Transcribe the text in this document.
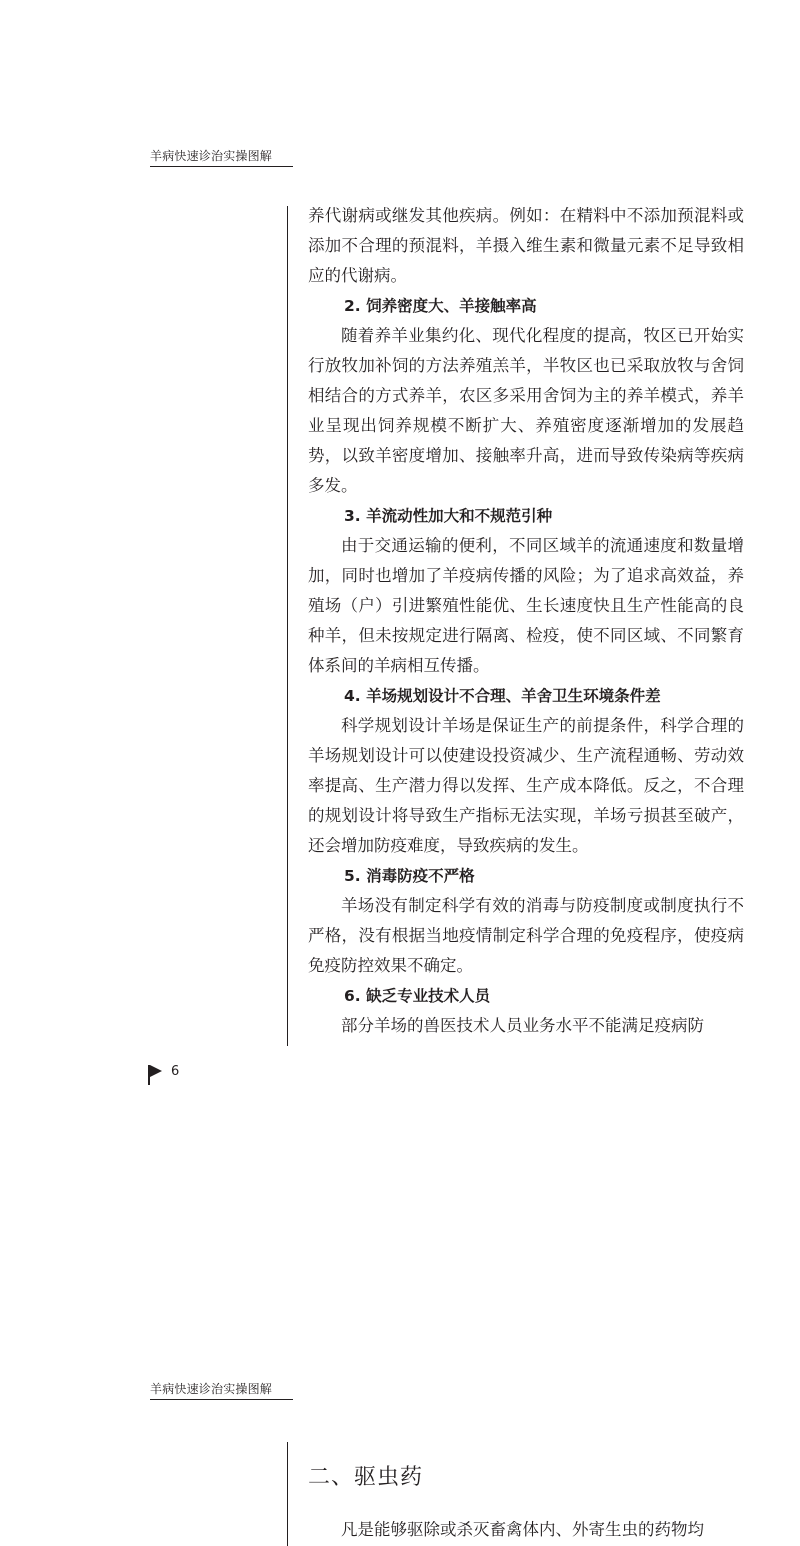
羊病快速诊治实操图解

养代谢病或继发其他疾病。例如：在精料中不添加预混料或添加不合理的预混料，羊摄入维生素和微量元素不足导致相应的代谢病。

2. 饲养密度大、羊接触率高

随着养羊业集约化、现代化程度的提高，牧区已开始实行放牧加补饲的方法养殖羔羊，半牧区也已采取放牧与舍饲相结合的方式养羊，农区多采用舍饲为主的养羊模式，养羊业呈现出饲养规模不断扩大、养殖密度逐渐增加的发展趋势，以致羊密度增加、接触率升高，进而导致传染病等疾病多发。

3. 羊流动性加大和不规范引种

由于交通运输的便利，不同区域羊的流通速度和数量增加，同时也增加了羊疫病传播的风险；为了追求高效益，养殖场（户）引进繁殖性能优、生长速度快且生产性能高的良种羊，但未按规定进行隔离、检疫，使不同区域、不同繁育体系间的羊病相互传播。

4. 羊场规划设计不合理、羊舍卫生环境条件差

科学规划设计羊场是保证生产的前提条件，科学合理的羊场规划设计可以使建设投资减少、生产流程通畅、劳动效率提高、生产潜力得以发挥、生产成本降低。反之，不合理的规划设计将导致生产指标无法实现，羊场亏损甚至破产，还会增加防疫难度，导致疾病的发生。

5. 消毒防疫不严格

羊场没有制定科学有效的消毒与防疫制度或制度执行不严格，没有根据当地疫情制定科学合理的免疫程序，使疫病免疫防控效果不确定。

6. 缺乏专业技术人员

部分羊场的兽医技术人员业务水平不能满足疫病防

6
羊病快速诊治实操图解
二、驱虫药

凡是能够驱除或杀灭畜禽体内、外寄生虫的药物均
